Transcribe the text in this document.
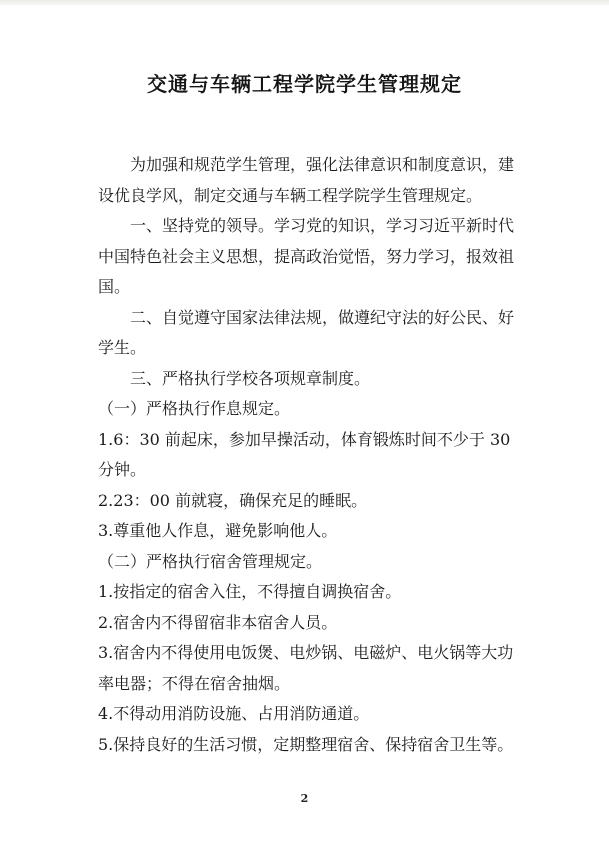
交通与车辆工程学院学生管理规定

为加强和规范学生管理，强化法律意识和制度意识，建设优良学风，制定交通与车辆工程学院学生管理规定。

一、坚持党的领导。学习党的知识，学习习近平新时代中国特色社会主义思想，提高政治觉悟，努力学习，报效祖国。

二、自觉遵守国家法律法规，做遵纪守法的好公民、好学生。

三、严格执行学校各项规章制度。

（一）严格执行作息规定。

1.6：30 前起床，参加早操活动，体育锻炼时间不少于 30 分钟。

2.23：00 前就寝，确保充足的睡眠。

3.尊重他人作息，避免影响他人。

（二）严格执行宿舍管理规定。

1.按指定的宿舍入住，不得擅自调换宿舍。

2.宿舍内不得留宿非本宿舍人员。

3.宿舍内不得使用电饭煲、电炒锅、电磁炉、电火锅等大功率电器；不得在宿舍抽烟。

4.不得动用消防设施、占用消防通道。

5.保持良好的生活习惯，定期整理宿舍、保持宿舍卫生等。

2
